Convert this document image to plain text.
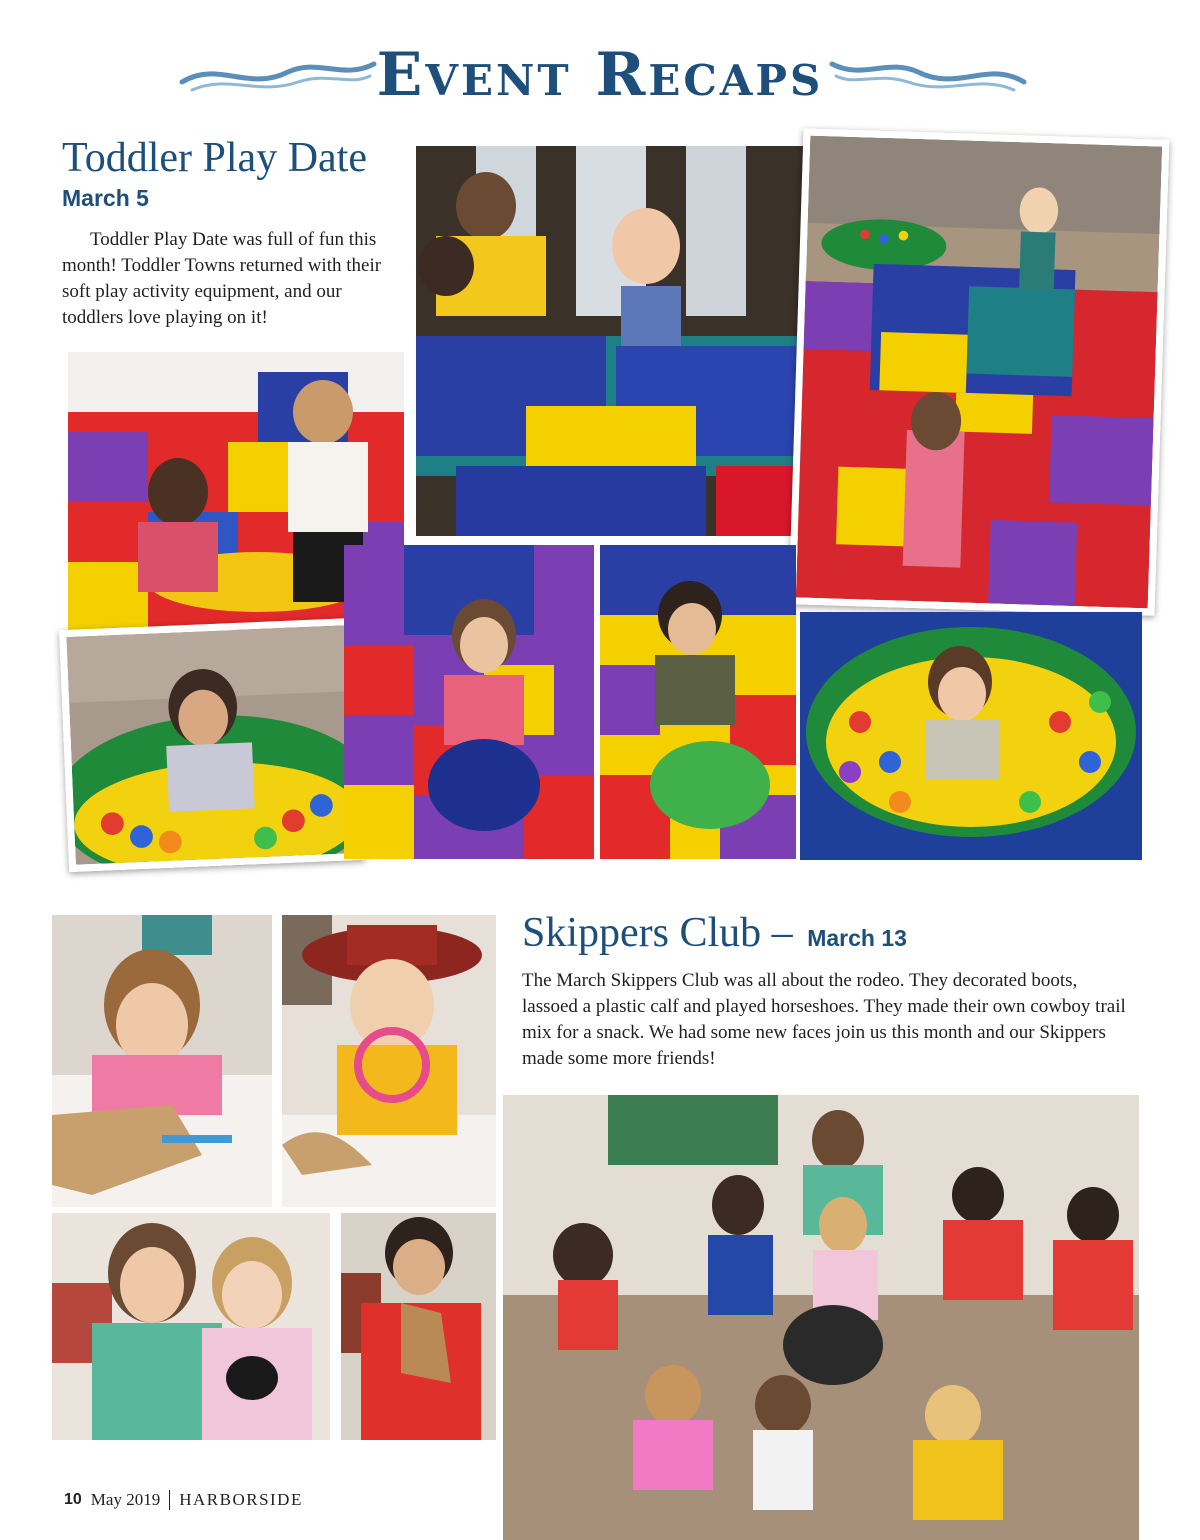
Event Recaps
Toddler Play Date
March 5

Toddler Play Date was full of fun this month! Toddler Towns returned with their soft play activity equipment, and our toddlers love playing on it!

Skippers Club – March 13

The March Skippers Club was all about the rodeo. They decorated boots, lassoed a plastic calf and played horseshoes. They made their own cowboy trail mix for a snack. We had some new faces join us this month and our Skippers made some more friends!

10 May 2019 HARBORSIDE
